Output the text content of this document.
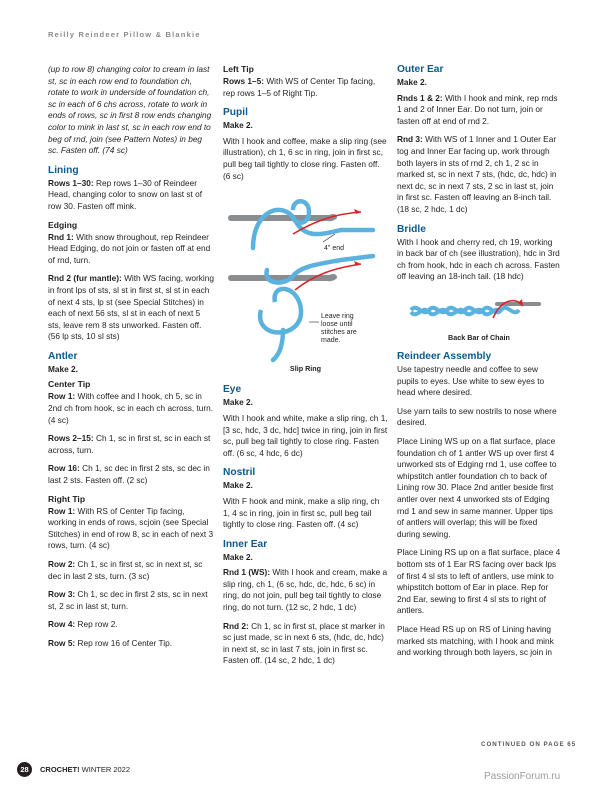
Reilly Reindeer Pillow & Blankie

(up to row 8) changing color to cream in last st, sc in each row end to foundation ch, rotate to work in underside of foundation ch, sc in each of 6 chs across, rotate to work in ends of rows, sc in first 8 row ends changing color to mink in last st, sc in each row end to beg of rnd, join (see Pattern Notes) in beg sc. Fasten off. (74 sc)

Lining

Rows 1–30: Rep rows 1–30 of Reindeer Head, changing color to snow on last st of row 30. Fasten off mink.

Edging

Rnd 1: With snow throughout, rep Reindeer Head Edging, do not join or fasten off at end of rnd, turn.

Rnd 2 (fur mantle): With WS facing, working in front lps of sts, sl st in first st, sl st in each of next 4 sts, lp st (see Special Stitches) in each of next 56 sts, sl st in each of next 5 sts, leave rem 8 sts unworked. Fasten off. (56 lp sts, 10 sl sts)

Antler
Make 2.
Center Tip

Row 1: With coffee and I hook, ch 5, sc in 2nd ch from hook, sc in each ch across, turn. (4 sc)

Rows 2–15: Ch 1, sc in first st, sc in each st across, turn.

Row 16: Ch 1, sc dec in first 2 sts, sc dec in last 2 sts. Fasten off. (2 sc)

Right Tip

Row 1: With RS of Center Tip facing, working in ends of rows, scjoin (see Special Stitches) in end of row 8, sc in each of next 3 rows, turn. (4 sc)

Row 2: Ch 1, sc in first st, sc in next st, sc dec in last 2 sts, turn. (3 sc)

Row 3: Ch 1, sc dec in first 2 sts, sc in next st, 2 sc in last st, turn.

Row 4: Rep row 2.

Row 5: Rep row 16 of Center Tip.

Left Tip

Rows 1–5: With WS of Center Tip facing, rep rows 1–5 of Right Tip.

Pupil
Make 2.

With I hook and coffee, make a slip ring (see illustration), ch 1, 6 sc in ring, join in first sc, pull beg tail tightly to close ring. Fasten off. (6 sc)

4" end
Leave ring loose until stitches are made.
Slip Ring
Eye
Make 2.

With I hook and white, make a slip ring, ch 1, [3 sc, hdc, 3 dc, hdc] twice in ring, join in first sc, pull beg tail tightly to close ring. Fasten off. (6 sc, 4 hdc, 6 dc)

Nostril
Make 2.

With F hook and mink, make a slip ring, ch 1, 4 sc in ring, join in first sc, pull beg tail tightly to close ring. Fasten off. (4 sc)

Inner Ear
Make 2.

Rnd 1 (WS): With I hook and cream, make a slip ring, ch 1, (6 sc, hdc, dc, hdc, 6 sc) in ring, do not join, pull beg tail tightly to close ring, do not turn. (12 sc, 2 hdc, 1 dc)

Rnd 2: Ch 1, sc in first st, place st marker in sc just made, sc in next 6 sts, (hdc, dc, hdc) in next st, sc in last 7 sts, join in first sc. Fasten off. (14 sc, 2 hdc, 1 dc)

Outer Ear
Make 2.

Rnds 1 & 2: With I hook and mink, rep rnds 1 and 2 of Inner Ear. Do not turn, join or fasten off at end of rnd 2.

Rnd 3: With WS of 1 Inner and 1 Outer Ear tog and Inner Ear facing up, work through both layers in sts of rnd 2, ch 1, 2 sc in marked st, sc in next 7 sts, (hdc, dc, hdc) in next dc, sc in next 7 sts, 2 sc in last st, join in first sc. Fasten off leaving an 8-inch tail. (18 sc, 2 hdc, 1 dc)

Bridle

With I hook and cherry red, ch 19, working in back bar of ch (see illustration), hdc in 3rd ch from hook, hdc in each ch across. Fasten off leaving an 18-inch tail. (18 hdc)

Back Bar of Chain
Reindeer Assembly

Use tapestry needle and coffee to sew pupils to eyes. Use white to sew eyes to head where desired.

Use yarn tails to sew nostrils to nose where desired.

Place Lining WS up on a flat surface, place foundation ch of 1 antler WS up over first 4 unworked sts of Edging rnd 1, use coffee to whipstitch antler foundation ch to back of Lining row 30. Place 2nd antler beside first antler over next 4 unworked sts of Edging rnd 1 and sew in same manner. Upper tips of antlers will overlap; this will be fixed during sewing.

Place Lining RS up on a flat surface, place 4 bottom sts of 1 Ear RS facing over back lps of first 4 sl sts to left of antlers, use mink to whipstitch bottom of Ear in place. Rep for 2nd Ear, sewing to first 4 sl sts to right of antlers.

Place Head RS up on RS of Lining having marked sts matching, with I hook and mink and working through both layers, sc join in

CONTINUED ON PAGE 65
28	CROCHET! WINTER 2022
PassionForum.ru
